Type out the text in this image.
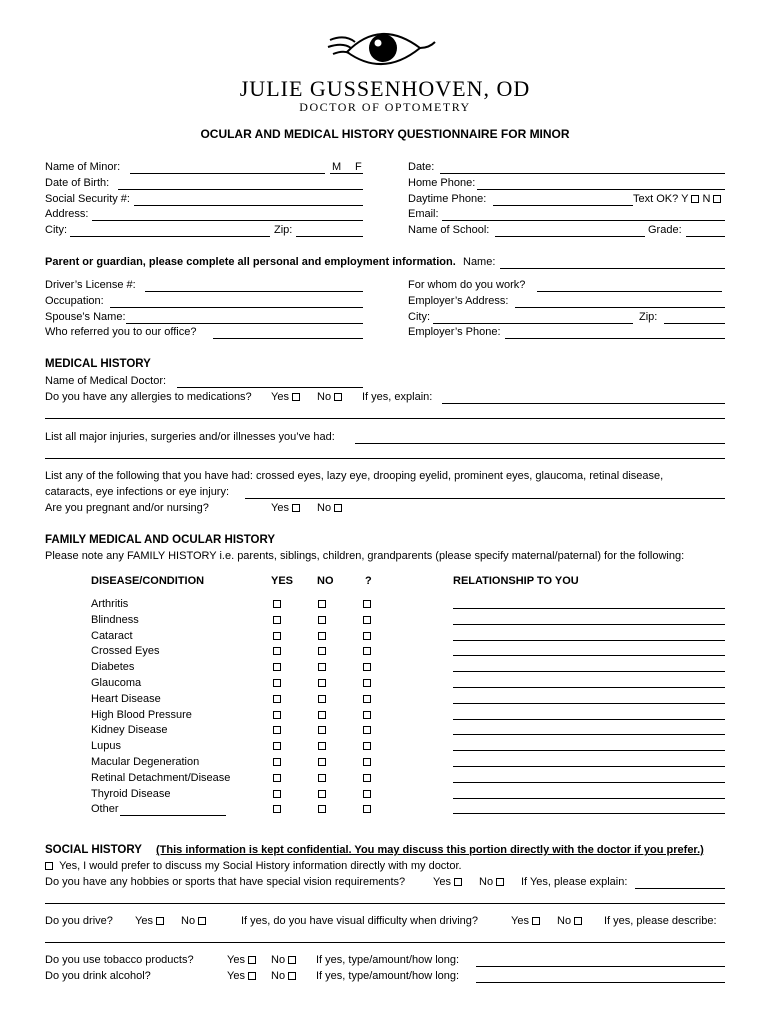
JULIE GUSSENHOVEN, OD
DOCTOR OF OPTOMETRY
OCULAR AND MEDICAL HISTORY QUESTIONNAIRE FOR MINOR
Name of Minor:	M F
Date of Birth:
Social Security #:
Address:
City:	Zip:
Date:
Home Phone:
Daytime Phone:	Text OK? Y N
Email:
Name of School:	Grade:
Parent or guardian, please complete all personal and employment information. Name:
Driver’s License #:
Occupation:
Spouse’s Name:
Who referred you to our office?
For whom do you work?
Employer’s Address:
City:	Zip:
Employer’s Phone:
MEDICAL HISTORY
Name of Medical Doctor:
Do you have any allergies to medications? Yes	No	If yes, explain:
List all major injuries, surgeries and/or illnesses you’ve had:
List any of the following that you have had: crossed eyes, lazy eye, drooping eyelid, prominent eyes, glaucoma, retinal disease,
cataracts, eye infections or eye injury:
Are you pregnant and/or nursing?	Yes	No
FAMILY MEDICAL AND OCULAR HISTORY
Please note any FAMILY HISTORY i.e. parents, siblings, children, grandparents (please specify maternal/paternal) for the following:
DISEASE/CONDITION	YES NO	?	RELATIONSHIP TO YOU
Arthritis
Blindness
Cataract
Crossed Eyes
Diabetes
Glaucoma
Heart Disease
High Blood Pressure
Kidney Disease
Lupus
Macular Degeneration
Retinal Detachment/Disease
Thyroid Disease
Other
SOCIAL HISTORY (This information is kept confidential. You may discuss this portion directly with the doctor if you prefer.)
Yes, I would prefer to discuss my Social History information directly with my doctor.
Do you have any hobbies or sports that have special vision requirements?	Yes	No	If Yes, please explain:
Do you drive? Yes	No	If yes, do you have visual difficulty when driving?	Yes	No	If yes, please describe:
Do you use tobacco products?	Yes	No	If yes, type/amount/how long:
Do you drink alcohol?	Yes	No	If yes, type/amount/how long:
